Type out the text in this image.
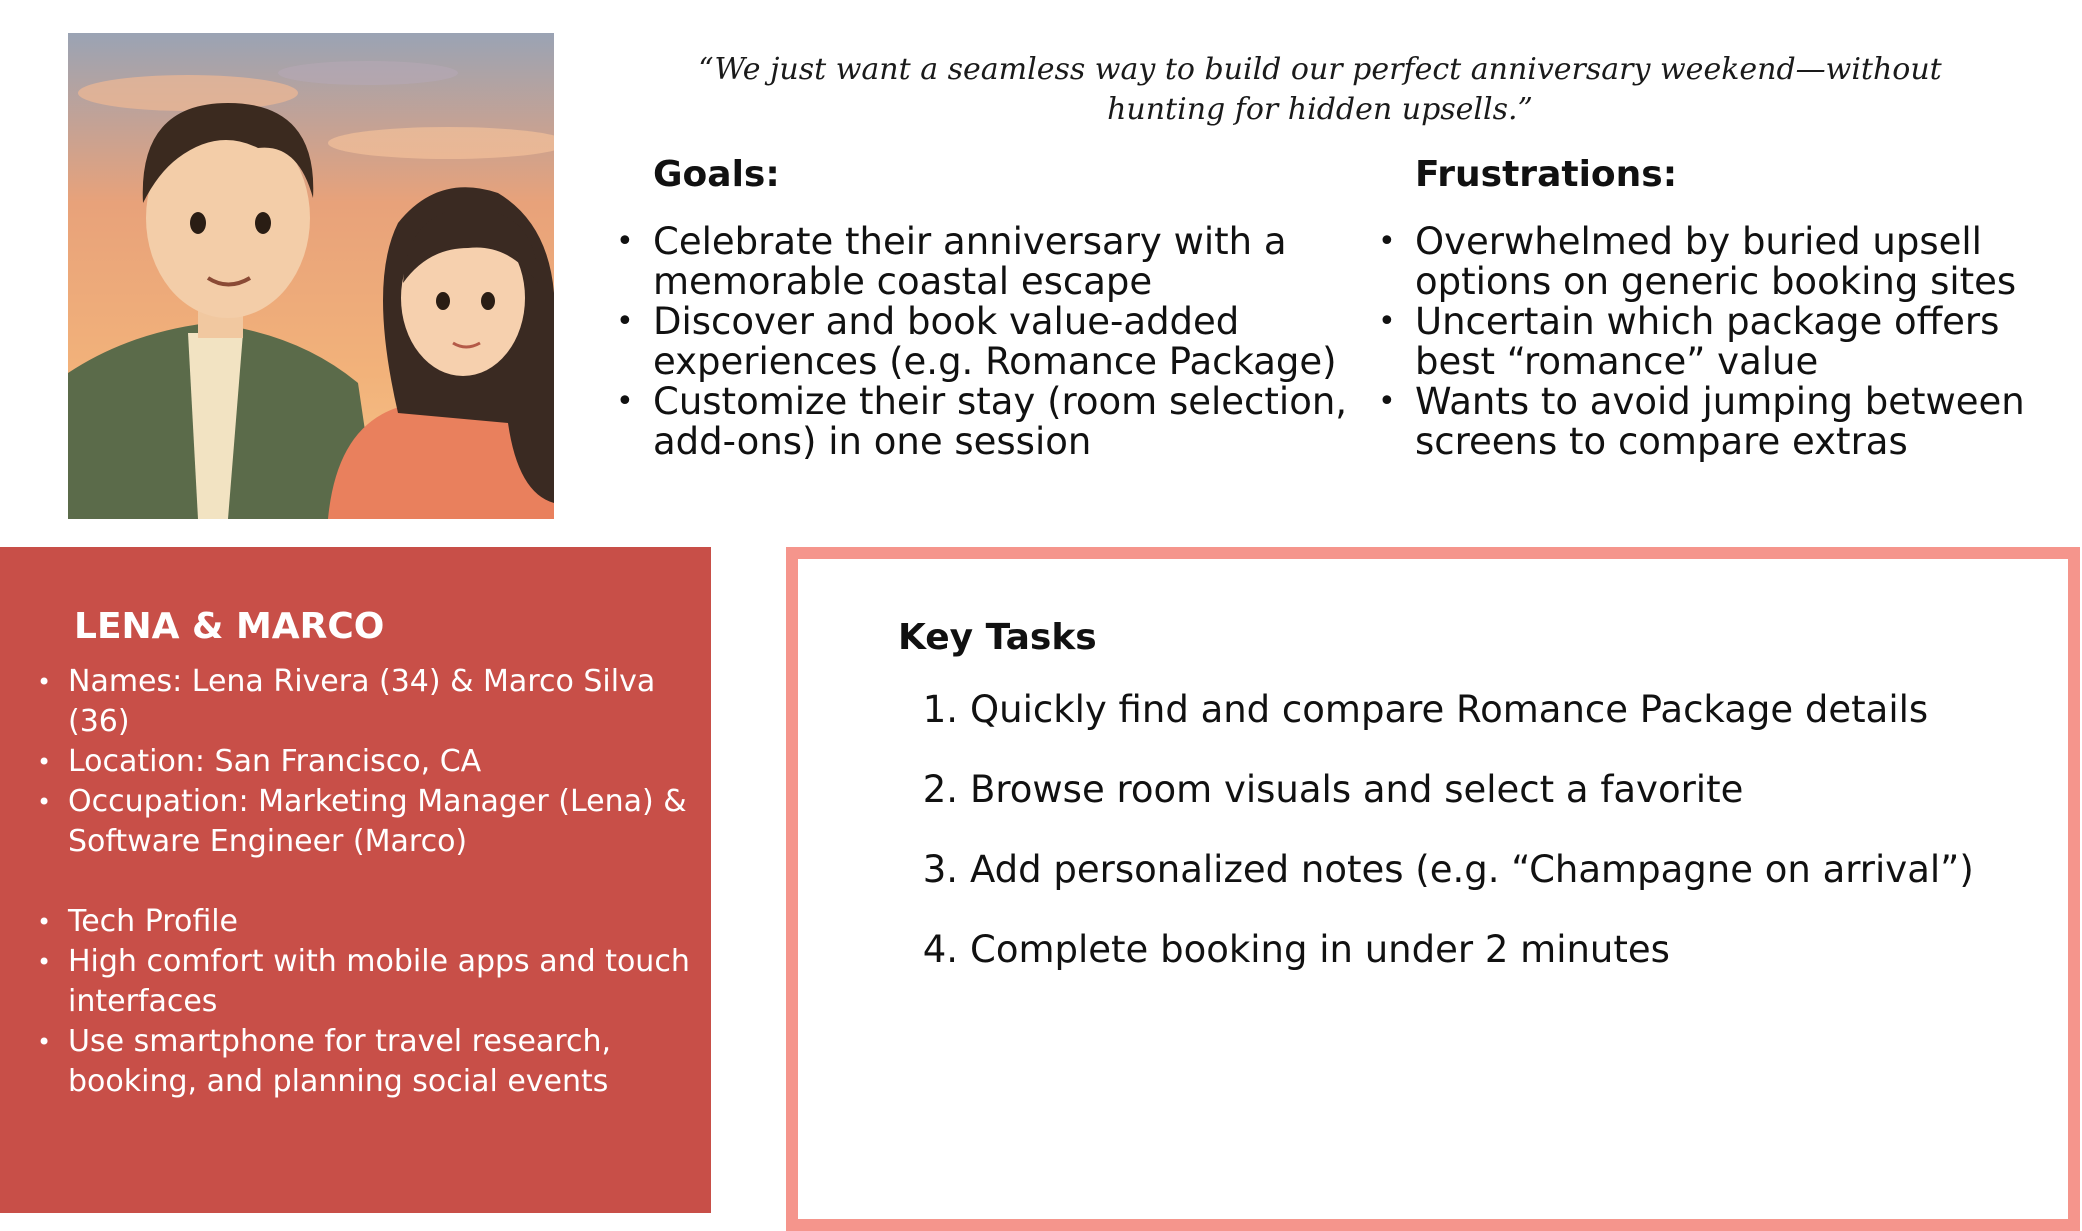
“We just want a seamless way to build our perfect anniversary weekend—without hunting for hidden upsells.”

Goals:
• Celebrate their anniversary with a memorable coastal escape
• Discover and book value-added experiences (e.g. Romance Package)
• Customize their stay (room selection, add-ons) in one session
Frustrations:
• Overwhelmed by buried upsell options on generic booking sites
• Uncertain which package offers best “romance” value
• Wants to avoid jumping between screens to compare extras
LENA & MARCO
• Names: Lena Rivera (34) & Marco Silva (36)
• Location: San Francisco, CA
• Occupation: Marketing Manager (Lena) & Software Engineer (Marco)
• Tech Profile
• High comfort with mobile apps and touch interfaces
• Use smartphone for travel research, booking, and planning social events
Key Tasks
1. Quickly find and compare Romance Package details
2. Browse room visuals and select a favorite
3. Add personalized notes (e.g. “Champagne on arrival”)
4. Complete booking in under 2 minutes
